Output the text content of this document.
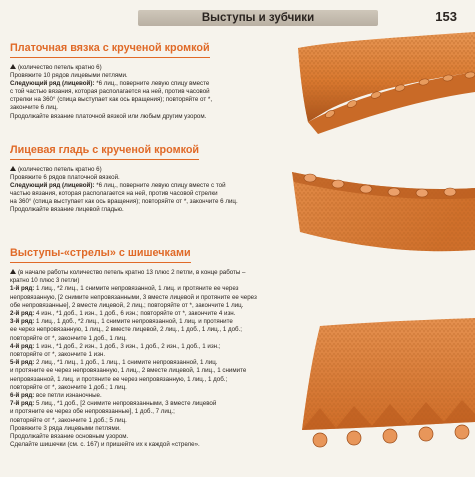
Выступы и зубчики	153
Платочная вязка с крученой кромкой
(количество петель кратно 6)
Провяжите 10 рядов лицевыми петлями.
Следующий ряд (лицевой): *6 лиц., поверните левую спицу вместе
с той частью вязания, которая располагается на ней, против часовой
стрелки на 360° (спица выступает как ось вращения); повторяйте от *,
закончите 6 лиц.
Продолжайте вязание платочной вязкой или любым другим узором.
Лицевая гладь с крученой кромкой
(количество петель кратно 6)
Провяжите 6 рядов платочной вязкой.
Следующий ряд (лицевой): *6 лиц., поверните левую спицу вместе с той
частью вязания, которая располагается на ней, против часовой стрелки
на 360° (спица выступает как ось вращения); повторяйте от *, закончите 6 лиц.
Продолжайте вязание лицевой гладью.
Выступы-«стрелы» с шишечками
(в начале работы количество петель кратно 13 плюс 2 петли, в конце работы –
кратно 10 плюс 3 петли)
1-й ряд: 1 лиц., *2 лиц., 1 снимите непровязанной, 1 лиц. и протяните ее через
непровязанную, [2 снимите непровязанными, 3 вместе лицевой и протяните ее через
обе непровязанные], 2 вместе лицевой, 2 лиц.; повторяйте от *, закончите 1 лиц.
2-й ряд: 4 изн., *1 доб., 1 изн., 1 доб., 6 изн.; повторяйте от *, закончите 4 изн.
3-й ряд: 1 лиц., 1 доб., *2 лиц., 1 снимите непровязанной, 1 лиц. и протяните
ее через непровязанную, 1 лиц., 2 вместе лицевой, 2 лиц., 1 доб., 1 лиц., 1 доб.;
повторяйте от *, закончите 1 доб., 1 лиц.
4-й ряд: 1 изн., *1 доб., 2 изн., 1 доб., 3 изн., 1 доб., 2 изн., 1 доб., 1 изн.;
повторяйте от *, закончите 1 изн.
5-й ряд: 2 лиц., *1 лиц., 1 доб., 1 лиц., 1 снимите непровязанной, 1 лиц.
и протяните ее через непровязанную, 1 лиц., 2 вместе лицевой, 1 лиц., 1 снимите
непровязанной, 1 лиц. и протяните ее через непровязанную, 1 лиц., 1 доб.;
повторяйте от *, закончите 1 доб.; 1 лиц.
6-й ряд: все петли изнаночные.
7-й ряд: 5 лиц., *1 доб., [2 снимите непровязанными, 3 вместе лицевой
и протяните ее через обе непровязанные], 1 доб., 7 лиц.;
повторяйте от *, закончите 1 доб.; 5 лиц.
Провяжите 3 ряда лицевыми петлями.
Продолжайте вязание основным узором.
Сделайте шишечки (см. с. 167) и пришейте их к каждой «стреле».
